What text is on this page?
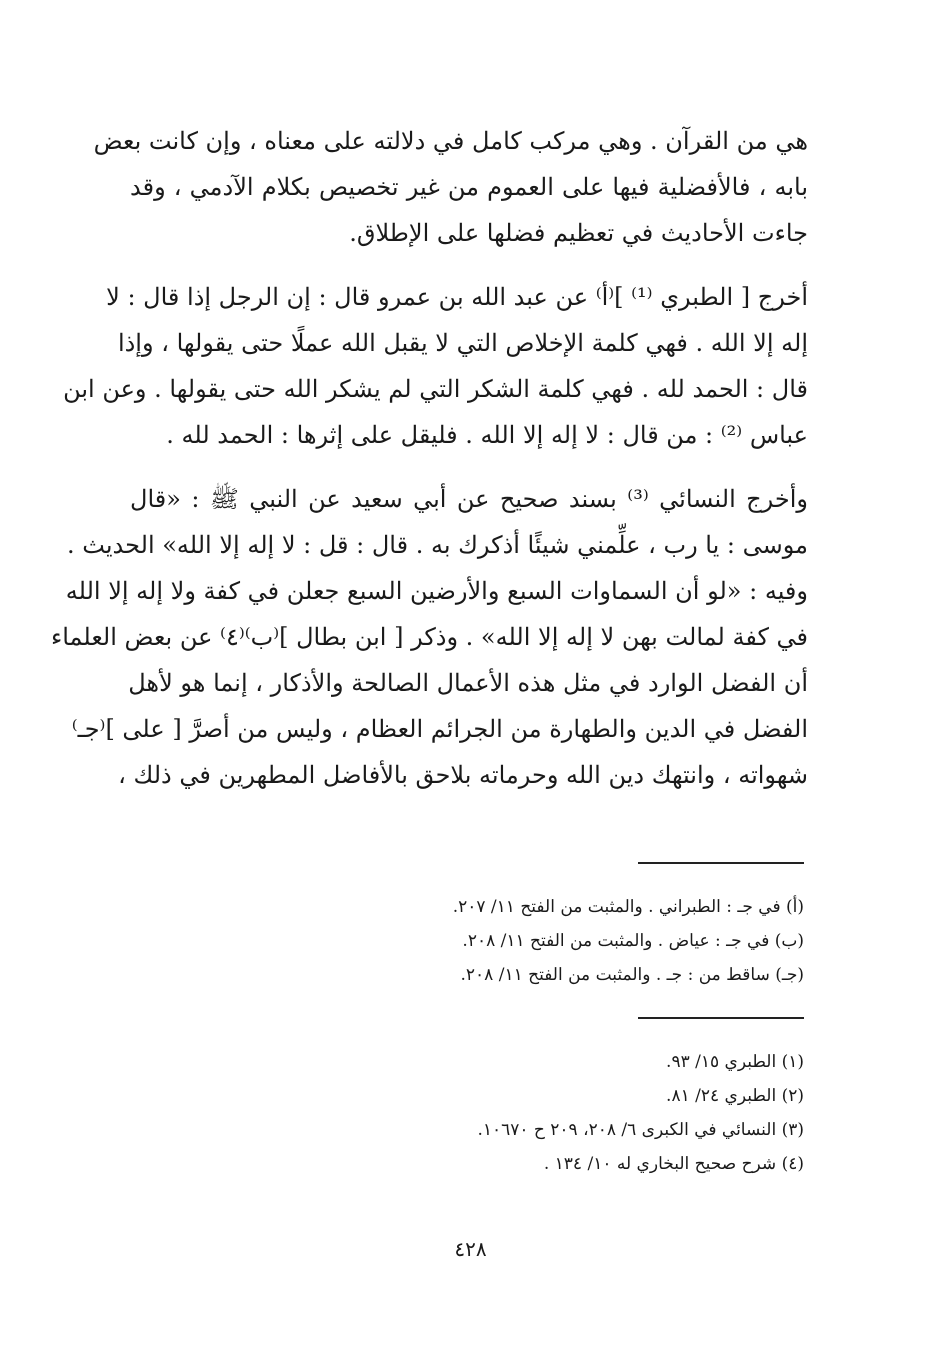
هي من القرآن . وهي مركب كامل في دلالته على معناه ، وإن كانت بعض
بابه ، فالأفضلية فيها على العموم من غير تخصيص بكلام الآدمي ، وقد
جاءت الأحاديث في تعظيم فضلها على الإطلاق.

أخرج [ الطبري ⁽¹⁾ ]⁽أ⁾ عن عبد الله بن عمرو قال : إن الرجل إذا قال : لا
إله إلا الله . فهي كلمة الإخلاص التي لا يقبل الله عملًا حتى يقولها ، وإذا
قال : الحمد لله . فهي كلمة الشكر التي لم يشكر الله حتى يقولها . وعن ابن
عباس ⁽²⁾ : من قال : لا إله إلا الله . فليقل على إثرها : الحمد لله .

وأخرج النسائي ⁽³⁾ بسند صحيح عن أبي سعيد عن النبي ﷺ : «قال
موسى : يا رب ، علِّمني شيئًا أذكرك به . قال : قل : لا إله إلا الله» الحديث .
وفيه : «لو أن السماوات السبع والأرضين السبع جعلن في كفة ولا إله إلا الله
في كفة لمالت بهن لا إله إلا الله» . وذكر [ ابن بطال ]⁽ب⁾⁽٤⁾ عن بعض العلماء
أن الفضل الوارد في مثل هذه الأعمال الصالحة والأذكار ، إنما هو لأهل
الفضل في الدين والطهارة من الجرائم العظام ، وليس من أصرَّ [ على ]⁽جـ⁾
شهواته ، وانتهك دين الله وحرماته بلاحق بالأفاضل المطهرين في ذلك ،

(أ) في جـ : الطبراني . والمثبت من الفتح ١١/ ٢٠٧.
(ب) في جـ : عياض . والمثبت من الفتح ١١/ ٢٠٨.
(جـ) ساقط من : جـ . والمثبت من الفتح ١١/ ٢٠٨.
(١) الطبري ١٥/ ٩٣.
(٢) الطبري ٢٤/ ٨١.
(٣) النسائي في الكبرى ٦/ ٢٠٨، ٢٠٩ ح ١٠٦٧٠.
(٤) شرح صحيح البخاري له ١٠/ ١٣٤ .
٤٢٨
